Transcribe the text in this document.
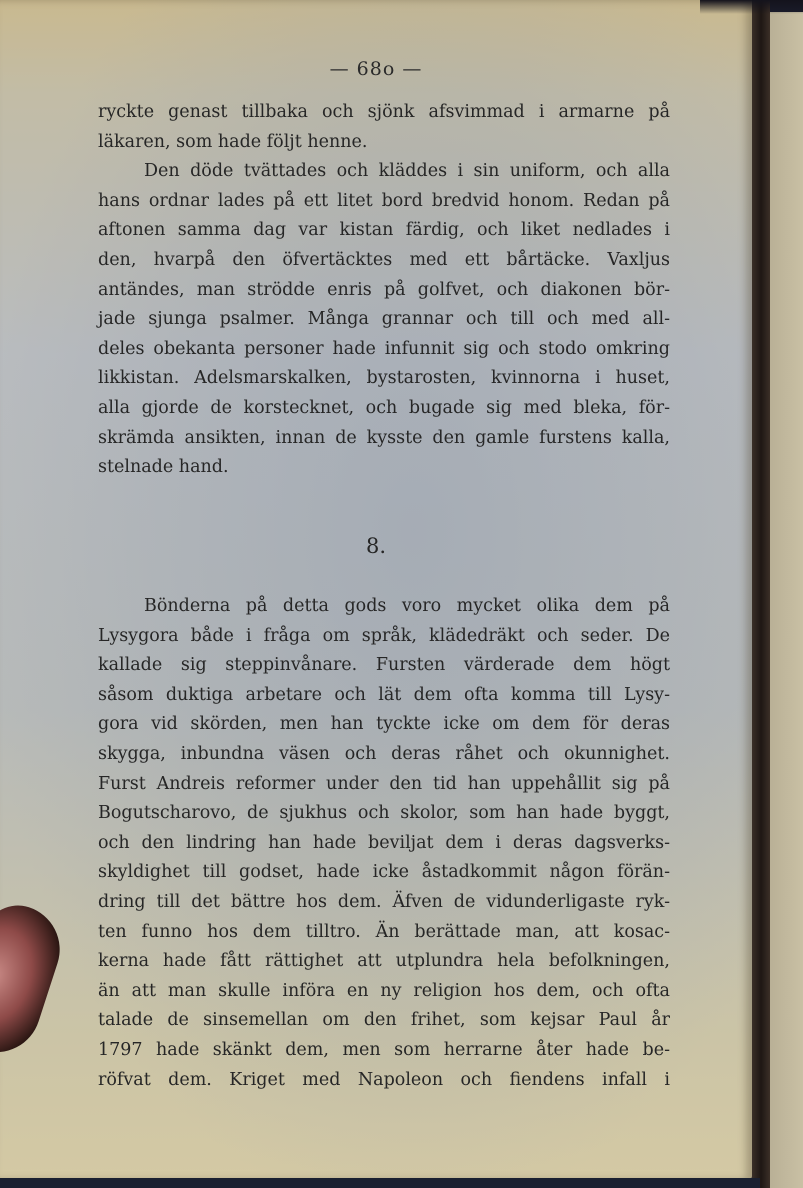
— 68o —
ryckte genast tillbaka och sjönk afsvimmad i armarne på
läkaren, som hade följt henne.
Den döde tvättades och kläddes i sin uniform, och alla
hans ordnar lades på ett litet bord bredvid honom. Redan på
aftonen samma dag var kistan färdig, och liket nedlades i
den, hvarpå den öfvertäcktes med ett bårtäcke. Vaxljus
antändes, man strödde enris på golfvet, och diakonen bör-
jade sjunga psalmer. Många grannar och till och med all-
deles obekanta personer hade infunnit sig och stodo omkring
likkistan. Adelsmarskalken, bystarosten, kvinnorna i huset,
alla gjorde de korstecknet, och bugade sig med bleka, för-
skrämda ansikten, innan de kysste den gamle furstens kalla,
stelnade hand.
8.
Bönderna på detta gods voro mycket olika dem på
Lysygora både i fråga om språk, klädedräkt och seder. De
kallade sig steppinvånare. Fursten värderade dem högt
såsom duktiga arbetare och lät dem ofta komma till Lysy-
gora vid skörden, men han tyckte icke om dem för deras
skygga, inbundna väsen och deras råhet och okunnighet.
Furst Andreis reformer under den tid han uppehållit sig på
Bogutscharovo, de sjukhus och skolor, som han hade byggt,
och den lindring han hade beviljat dem i deras dagsverks-
skyldighet till godset, hade icke åstadkommit någon förän-
dring till det bättre hos dem. Äfven de vidunderligaste ryk-
ten funno hos dem tilltro. Än berättade man, att kosac-
kerna hade fått rättighet att utplundra hela befolkningen,
än att man skulle införa en ny religion hos dem, och ofta
talade de sinsemellan om den frihet, som kejsar Paul år
1797 hade skänkt dem, men som herrarne åter hade be-
röfvat dem. Kriget med Napoleon och fiendens infall i
